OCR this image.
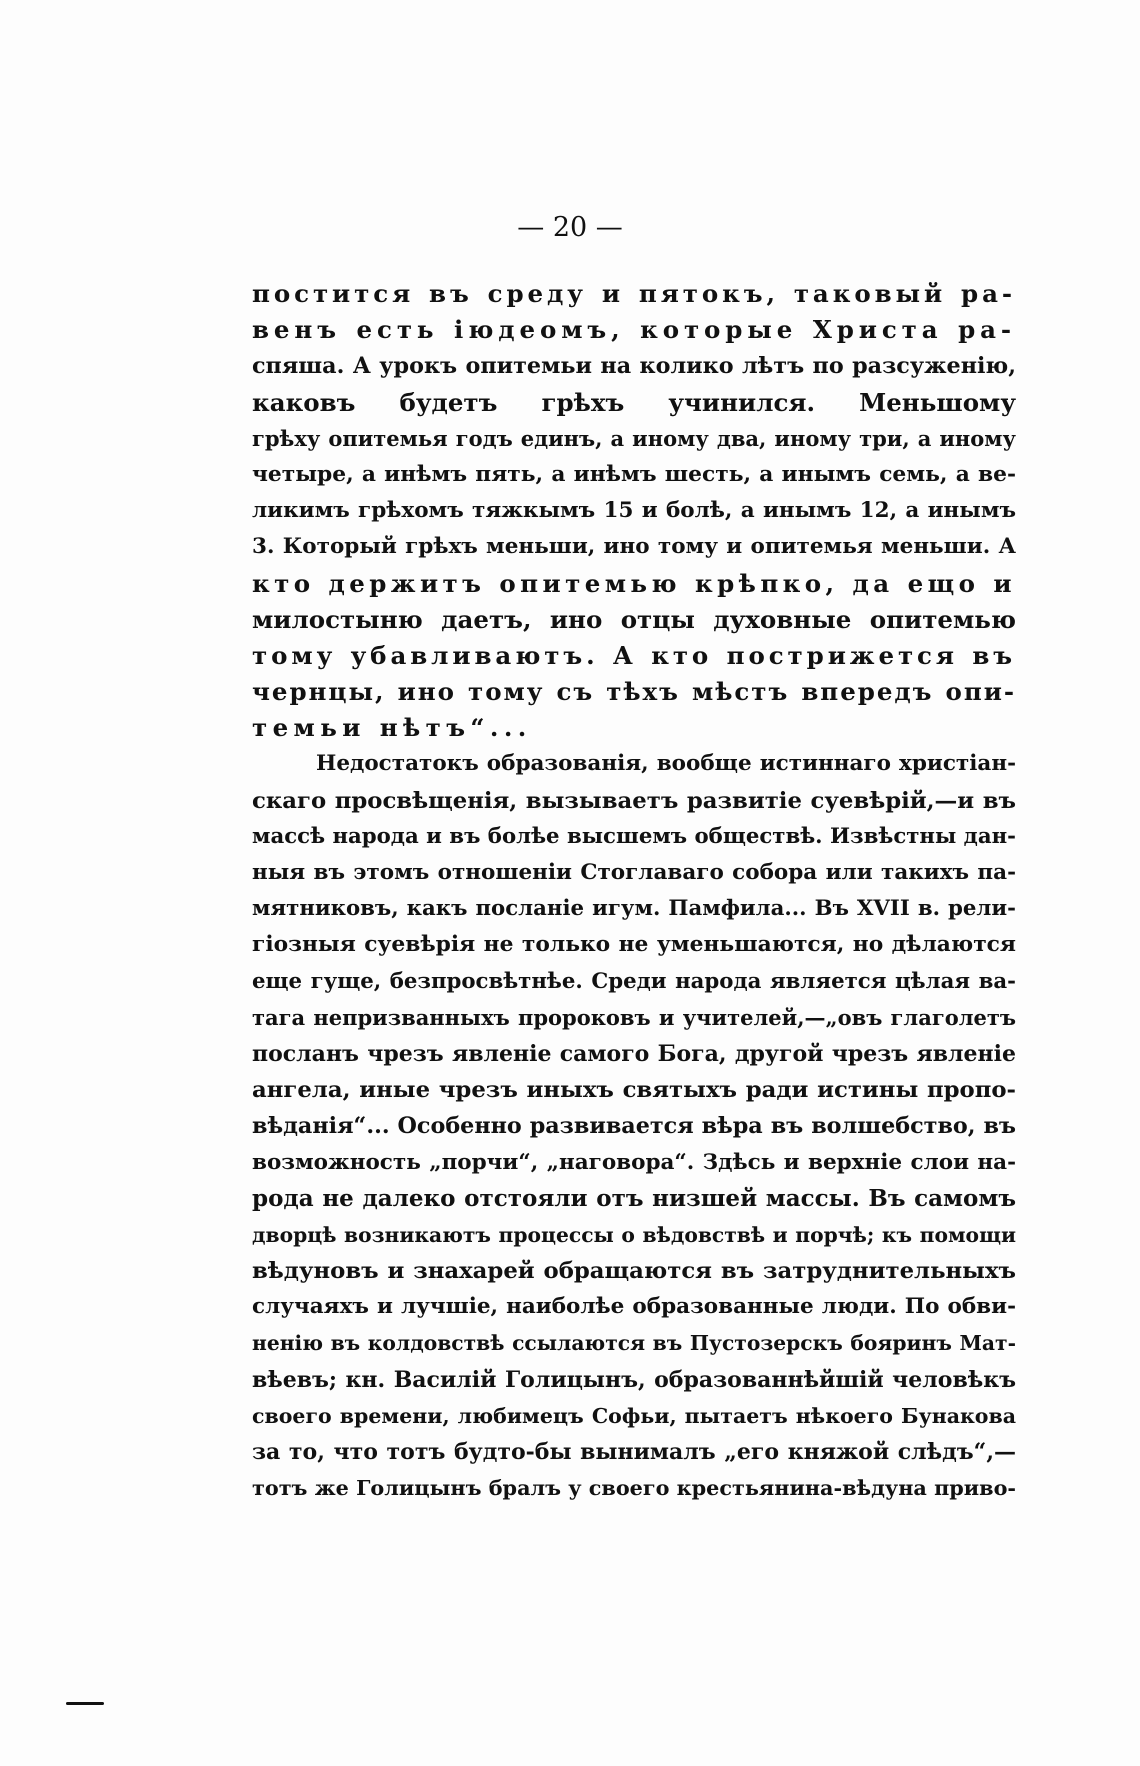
— 20 —
постится въ среду и пятокъ, таковый ра-
венъ есть іюдеомъ, которые Христа ра-
спяша. А урокъ опитемьи на колико лѣтъ по разсуженію,
каковъ будетъ грѣхъ учинился. Меньшому
грѣху опитемья годъ единъ, а иному два, иному три, а иному
четыре, а инѣмъ пять, а инѣмъ шесть, а инымъ семь, а ве-
ликимъ грѣхомъ тяжкымъ 15 и болѣ, а инымъ 12, а инымъ
3. Который грѣхъ меньши, ино тому и опитемья меньши. А
кто держитъ опитемью крѣпко, да ещо и
милостыню даетъ, ино отцы духовные опитемью
тому убавливаютъ. А кто пострижется въ
чернцы, ино тому съ тѣхъ мѣстъ впередъ опи-
темьи нѣтъ“...
Недостатокъ образованія, вообще истиннаго христіан-
скаго просвѣщенія, вызываетъ развитіе суевѣрій,—и въ
массѣ народа и въ болѣе высшемъ обществѣ. Извѣстны дан-
ныя въ этомъ отношеніи Стоглаваго собора или такихъ па-
мятниковъ, какъ посланіе игум. Памфила... Въ XVII в. рели-
гіозныя суевѣрія не только не уменьшаются, но дѣлаются
еще гуще, безпросвѣтнѣе. Среди народа является цѣлая ва-
тага непризванныхъ пророковъ и учителей,—„овъ глаголетъ
посланъ чрезъ явленіе самого Бога, другой чрезъ явленіе
ангела, иные чрезъ иныхъ святыхъ ради истины пропо-
вѣданія“... Особенно развивается вѣра въ волшебство, въ
возможность „порчи“, „наговора“. Здѣсь и верхніе слои на-
рода не далеко отстояли отъ низшей массы. Въ самомъ
дворцѣ возникаютъ процессы о вѣдовствѣ и порчѣ; къ помощи
вѣдуновъ и знахарей обращаются въ затруднительныхъ
случаяхъ и лучшіе, наиболѣе образованные люди. По обви-
ненію въ колдовствѣ ссылаются въ Пустозерскъ бояринъ Мат-
вѣевъ; кн. Василій Голицынъ, образованнѣйшій человѣкъ
своего времени, любимецъ Софьи, пытаетъ нѣкоего Бунакова
за то, что тотъ будто-бы вынималъ „его княжой слѣдъ“,—
тотъ же Голицынъ бралъ у своего крестьянина-вѣдуна приво-
